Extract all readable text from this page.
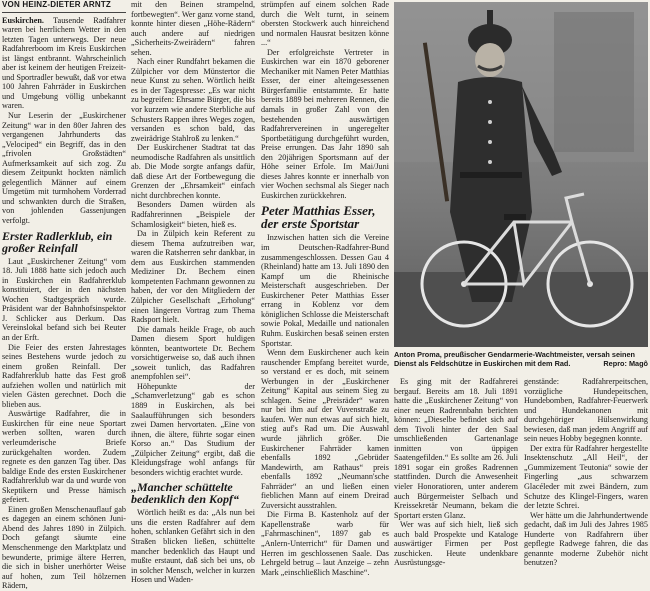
VON HEINZ-DIETER ARNTZ

Euskirchen. Tausende Radfahrer waren bei herrlichem Wetter in den letzten Tagen unterwegs. Der neue Radfahrerboom im Kreis Euskirchen ist längst entbrannt. Wahrscheinlich aber ist keinem der heutigen Freizeit- und Sportradler bewußt, daß vor etwa 100 Jahren Fahrräder in Euskirchen und Umgebung völlig unbekannt waren.

Nur Leserin der „Euskirchener Zeitung“ war in den 80er Jahren des vergangenen Jahrhunderts das „Velociped“ ein Begriff, das in den „frivolen Großstädten“ Aufmerksamkeit auf sich zog. Zu diesem Zeitpunkt hockten nämlich gelegentlich Männer auf einem Umgetüm mit turmhohem Vorderrad und schwankten durch die Straßen, von johlenden Gassenjungen verfolgt.

Erster Radlerklub, ein großer Reinfall

Laut „Euskirchener Zeitung“ vom 18. Juli 1888 hatte sich jedoch auch in Euskirchen ein Radfahrerklub konstituiert, der in den nächsten Wochen Stadtgespräch wurde. Präsident war der Bahnhofsinspektor J. Schlicker aus Derkum. Das Vereinslokal befand sich bei Reuter an der Erft.

Die Feier des ersten Jahrestages seines Bestehens wurde jedoch zu einem großen Reinfall. Der Radfahrerklub hatte das Fest groß aufziehen wollen und natürlich mit vielen Gästen gerechnet. Doch die blieben aus.

Auswärtige Radfahrer, die in Euskirchen für eine neue Sportart werben sollten, waren durch verleumderische Briefe zurückgehalten worden. Zudem regnete es den ganzen Tag über. Das baldige Ende des ersten Euskirchener Radfahrerklub war da und wurde von Skeptikern und Presse hämisch gefeiert.

Einen großen Menschenauflauf gab es dagegen an einem schönen Juni-Abend des Jahres 1890 in Zülpich. Doch gefangt säumte eine Menschenmenge den Marktplatz und bewunderte, primige ältere Herren, die sich in bisher unerhörter Weise auf hohen, zum Teil hölzernen Rädern,

mit den Beinen strampelnd, fortbewegten“. Wer ganz vorne stand, konnte hinter diesen „Höhe-Rädern“ auch andere auf niedrigen „Sicherheits-Zweirädern“ fahren sehen.

Nach einer Rundfahrt bekamen die Zülpicher vor dem Münstertor die neue Kunst zu sehen. Wörtlich heißt es in der Tagespresse: „Es war nicht zu begreifen: Ehrsame Bürger, die bis vor kurzem wie andere Sterbliche auf Schusters Rappen ihres Weges zogen, versanden es schon bald, das zweirädrige Stahlroß zu lenken.“

Der Euskirchener Stadtrat tat das neumodische Radfahren als unsittlich ab. Die Mode sorgte anfangs dafür, daß diese Art der Fortbewegung die Grenzen der „Ehrsamkeit“ einfach nicht durchbrechen konnte.

Besonders Damen würden als Radfahrerinnen „Beispiele der Schamlosigkeit“ bieten, hieß es.

Da in Zülpich kein Referent zu diesem Thema aufzutreiben war, waren die Ratsherren sehr dankbar, in dem aus Euskirchen stammenden Mediziner Dr. Bechem einen kompetenten Fachmann gewonnen zu haben, der vor den Mitgliedern der Zülpicher Gesellschaft „Erholung“ einen längeren Vortrag zum Thema Radsport hielt.

Die damals heikle Frage, ob auch Damen diesem Sport huldigen könnten, beantwortete Dr. Bechem vorsichtigerweise so, daß auch ihnen „soweit tunlich, das Radfahren anempfohlen sei“.

Höhepunkte der „Schamverletzung“ gab es schon 1889 in Euskirchen, als bei Saalaufführungen sich besonders zwei Damen hervortaten. „Eine von ihnen, die ältere, führte sogar einen Korso an.“ Das Studium der „Zülpicher Zeitung“ ergibt, daß die Kleidungsfrage wohl anfangs für besonders wichtig erachtet wurde.

„Mancher schüttelte bedenklich den Kopf“

Wörtlich heißt es da: „Als nun bei uns die ersten Radfahrer auf dem hohen, schlanken Gefährt sich in den Straßen blicken ließen, schüttelte mancher bedenklich das Haupt und mußte erstaunt, daß sich bei uns, ob in solcher Mensch, welcher in kurzen Hosen und Waden-

strümpfen auf einem solchen Rade durch die Welt turnt, in seinem obersten Stockwerk auch hinreichend und normalen Hausrat besitzen könne ...“

Der erfolgreichste Vertreter in Euskirchen war ein 1870 geborener Mechaniker mit Namen Peter Matthias Esser, der einer alteingesessenen Bürgerfamilie entstammte. Er hatte bereits 1889 bei mehreren Rennen, die damals in großer Zahl von den bestehenden auswärtigen Radfahrervereinen in ungeregelter Sportbetätigung durchgeführt wurden, Preise errungen. Das Jahr 1890 sah den 20jährigen Sportsmann auf der Höhe seiner Erfole. Im Mai/Juni dieses Jahres konnte er innerhalb von vier Wochen sechsmal als Sieger nach Euskirchen zurückkehren.

Peter Matthias Esser, der erste Sportstar

Inzwischen hatten sich die Vereine im Deutschen-Radfahrer-Bund zusammengeschlossen. Dessen Gau 4 (Rheinland) hatte am 13. Juli 1890 den Kampf um die Rheinische Meisterschaft ausgeschrieben. Der Euskirchener Peter Matthias Esser errang in Koblenz vor dem königlichen Schlosse die Meisterschaft sowie Pokal, Medaille und nationalen Ruhm. Euskirchen besaß seinen ersten Sportstar.

Wenn dem Euskirchener auch kein rauschender Empfang bereitet wurde, so verstand er es doch, mit seinem Werbungen in der „Euskirchener Zeitung“ Kapital aus seinem Sieg zu schlagen. Seine „Preisräder“ waren nur bei ihm auf der Vuvenstraße zu kaufen. Wer nun etwas auf sich hielt, stieg auf's Rad um. Die Auswahl wurde jährlich größer. Die Euskirchener Fahrräder kamen ebenfalls 1892 „Gebrüder Mandewirth, am Rathaus“ preis ebenfalls 1892 „Neumann'sche Fahrräder“ an und ließen einen fieblichen Mann auf einem Dreirad Zuversicht ausstrahlen.

Die Firma B. Kastenholz auf der Kapellenstraße warb für „Fahrmaschinen“, 1897 gab es „Anlern-Unterricht“ für Damen und Herren im geschlossenen Saale. Das Lehrgeld betrug – laut Anzeige – zehn Mark „einschließlich Maschine“.

Anton Proma, preußischer Gendarmerie-Wachtmeister, versah seinen Dienst als Feldschütze in Euskirchen mit dem Rad.	Repro: Magô

Es ging mit der Radfahrerei bergauf. Bereits am 18. Juli 1891 hatte die „Euskirchener Zeitung“ von einer neuen Radrennbahn berichten können: „Dieselbe befindet sich auf dem Tivoli hinter der den Saal umschließenden Gartenanlage inmitten von üppigen Saatengefilden.“ Es sollte am 26. Juli 1891 sogar ein großes Radrennen stattfinden. Durch die Anwesenheit vieler Honoratioren, unter anderem auch Bürgermeister Selbach und Kreissekretär Neumann, bekam die Sportart ersten Glanz.

Wer was auf sich hielt, ließ sich auch bald Prospekte und Kataloge auswärtiger Firmen per Post zuschicken. Heute undenkbare Ausrüstungsge-

genstände: Radfahrerpeitschen, vorzügliche Hundepeitschen, Hundebomben, Radfahrer-Feuerwerk und Hundekanonen mit durchgehöriger Hülsenwirkung bewiesen, daß man jedem Angriff auf sein neues Hobby begegnen konnte.

Der extra für Radfahrer hergestellte Insektenschutz „All Heil“, der „Gummizement Teutonia“ sowie der Fingerling „aus schwarzem Glacéleder mit zwei Bändern, zum Schutze des Klingel-Fingers, waren der letzte Schrei.

Wer hätte um die Jahrhundertwende gedacht, daß im Juli des Jahres 1985 Hunderte von Radfahrern über gepflegte Radwege fahren, die das genannte moderne Zubehör nicht benutzen?
